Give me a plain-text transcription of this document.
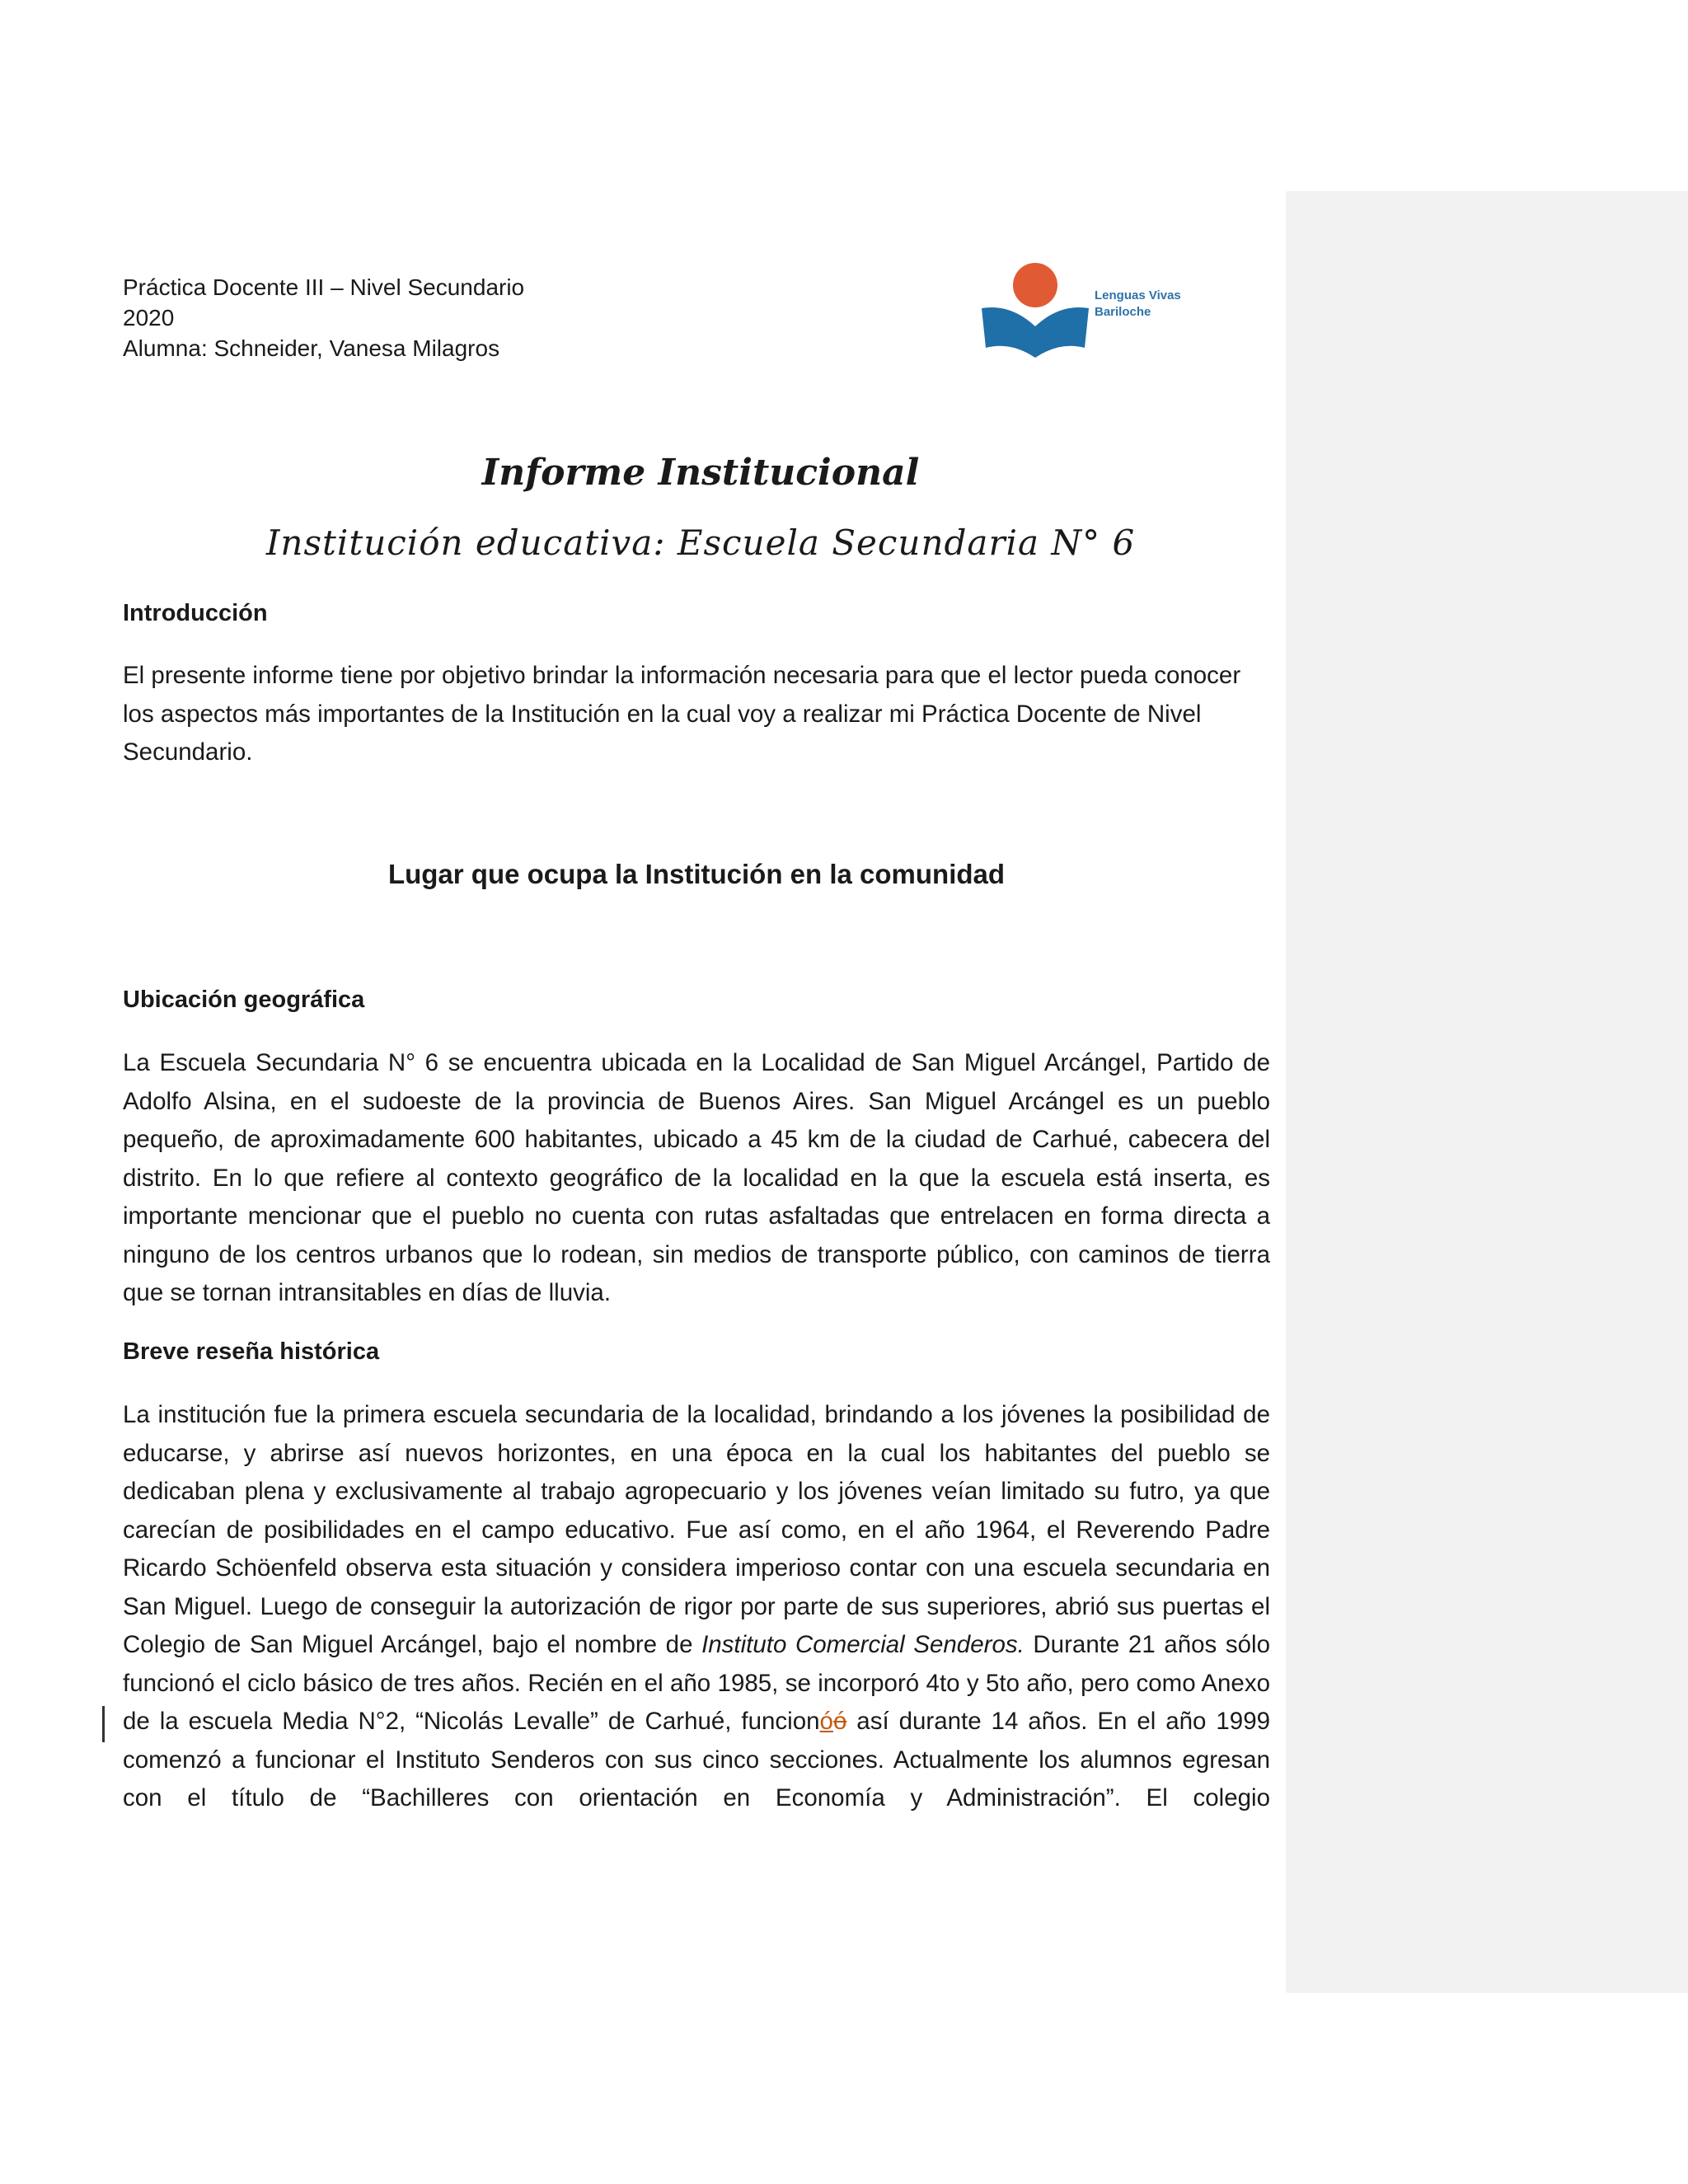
Práctica Docente III – Nivel Secundario
2020
Alumna: Schneider, Vanesa Milagros
Lenguas Vivas
Bariloche
Informe Institucional
Institución educativa: Escuela Secundaria N° 6
Introducción

El presente informe tiene por objetivo brindar la información necesaria para que el lector pueda conocer los aspectos más importantes de la Institución en la cual voy a realizar mi Práctica Docente de Nivel Secundario.

Lugar que ocupa la Institución en la comunidad
Ubicación geográfica

La Escuela Secundaria N° 6 se encuentra ubicada en la Localidad de San Miguel Arcángel, Partido de Adolfo Alsina, en el sudoeste de la provincia de Buenos Aires. San Miguel Arcángel es un pueblo pequeño, de aproximadamente 600 habitantes, ubicado a 45 km de la ciudad de Carhué, cabecera del distrito. En lo que refiere al contexto geográfico de la localidad en la que la escuela está inserta, es importante mencionar que el pueblo no cuenta con rutas asfaltadas que entrelacen en forma directa a ninguno de los centros urbanos que lo rodean, sin medios de transporte público, con caminos de tierra que se tornan intransitables en días de lluvia.

Breve reseña histórica

La institución fue la primera escuela secundaria de la localidad, brindando a los jóvenes la posibilidad de educarse, y abrirse así nuevos horizontes, en una época en la cual los habitantes del pueblo se dedicaban plena y exclusivamente al trabajo agropecuario y los jóvenes veían limitado su futro, ya que carecían de posibilidades en el campo educativo. Fue así como, en el año 1964, el Reverendo Padre Ricardo Schöenfeld observa esta situación y considera imperioso contar con una escuela secundaria en San Miguel. Luego de conseguir la autorización de rigor por parte de sus superiores, abrió sus puertas el Colegio de San Miguel Arcángel, bajo el nombre de Instituto Comercial Senderos. Durante 21 años sólo funcionó el ciclo básico de tres años. Recién en el año 1985, se incorporó 4to y 5to año, pero como Anexo de la escuela Media N°2, “Nicolás Levalle” de Carhué, funcionóó así durante 14 años. En el año 1999 comenzó a funcionar el Instituto Senderos con sus cinco secciones. Actualmente los alumnos egresan con el título de “Bachilleres con orientación en Economía y Administración”. El colegio
